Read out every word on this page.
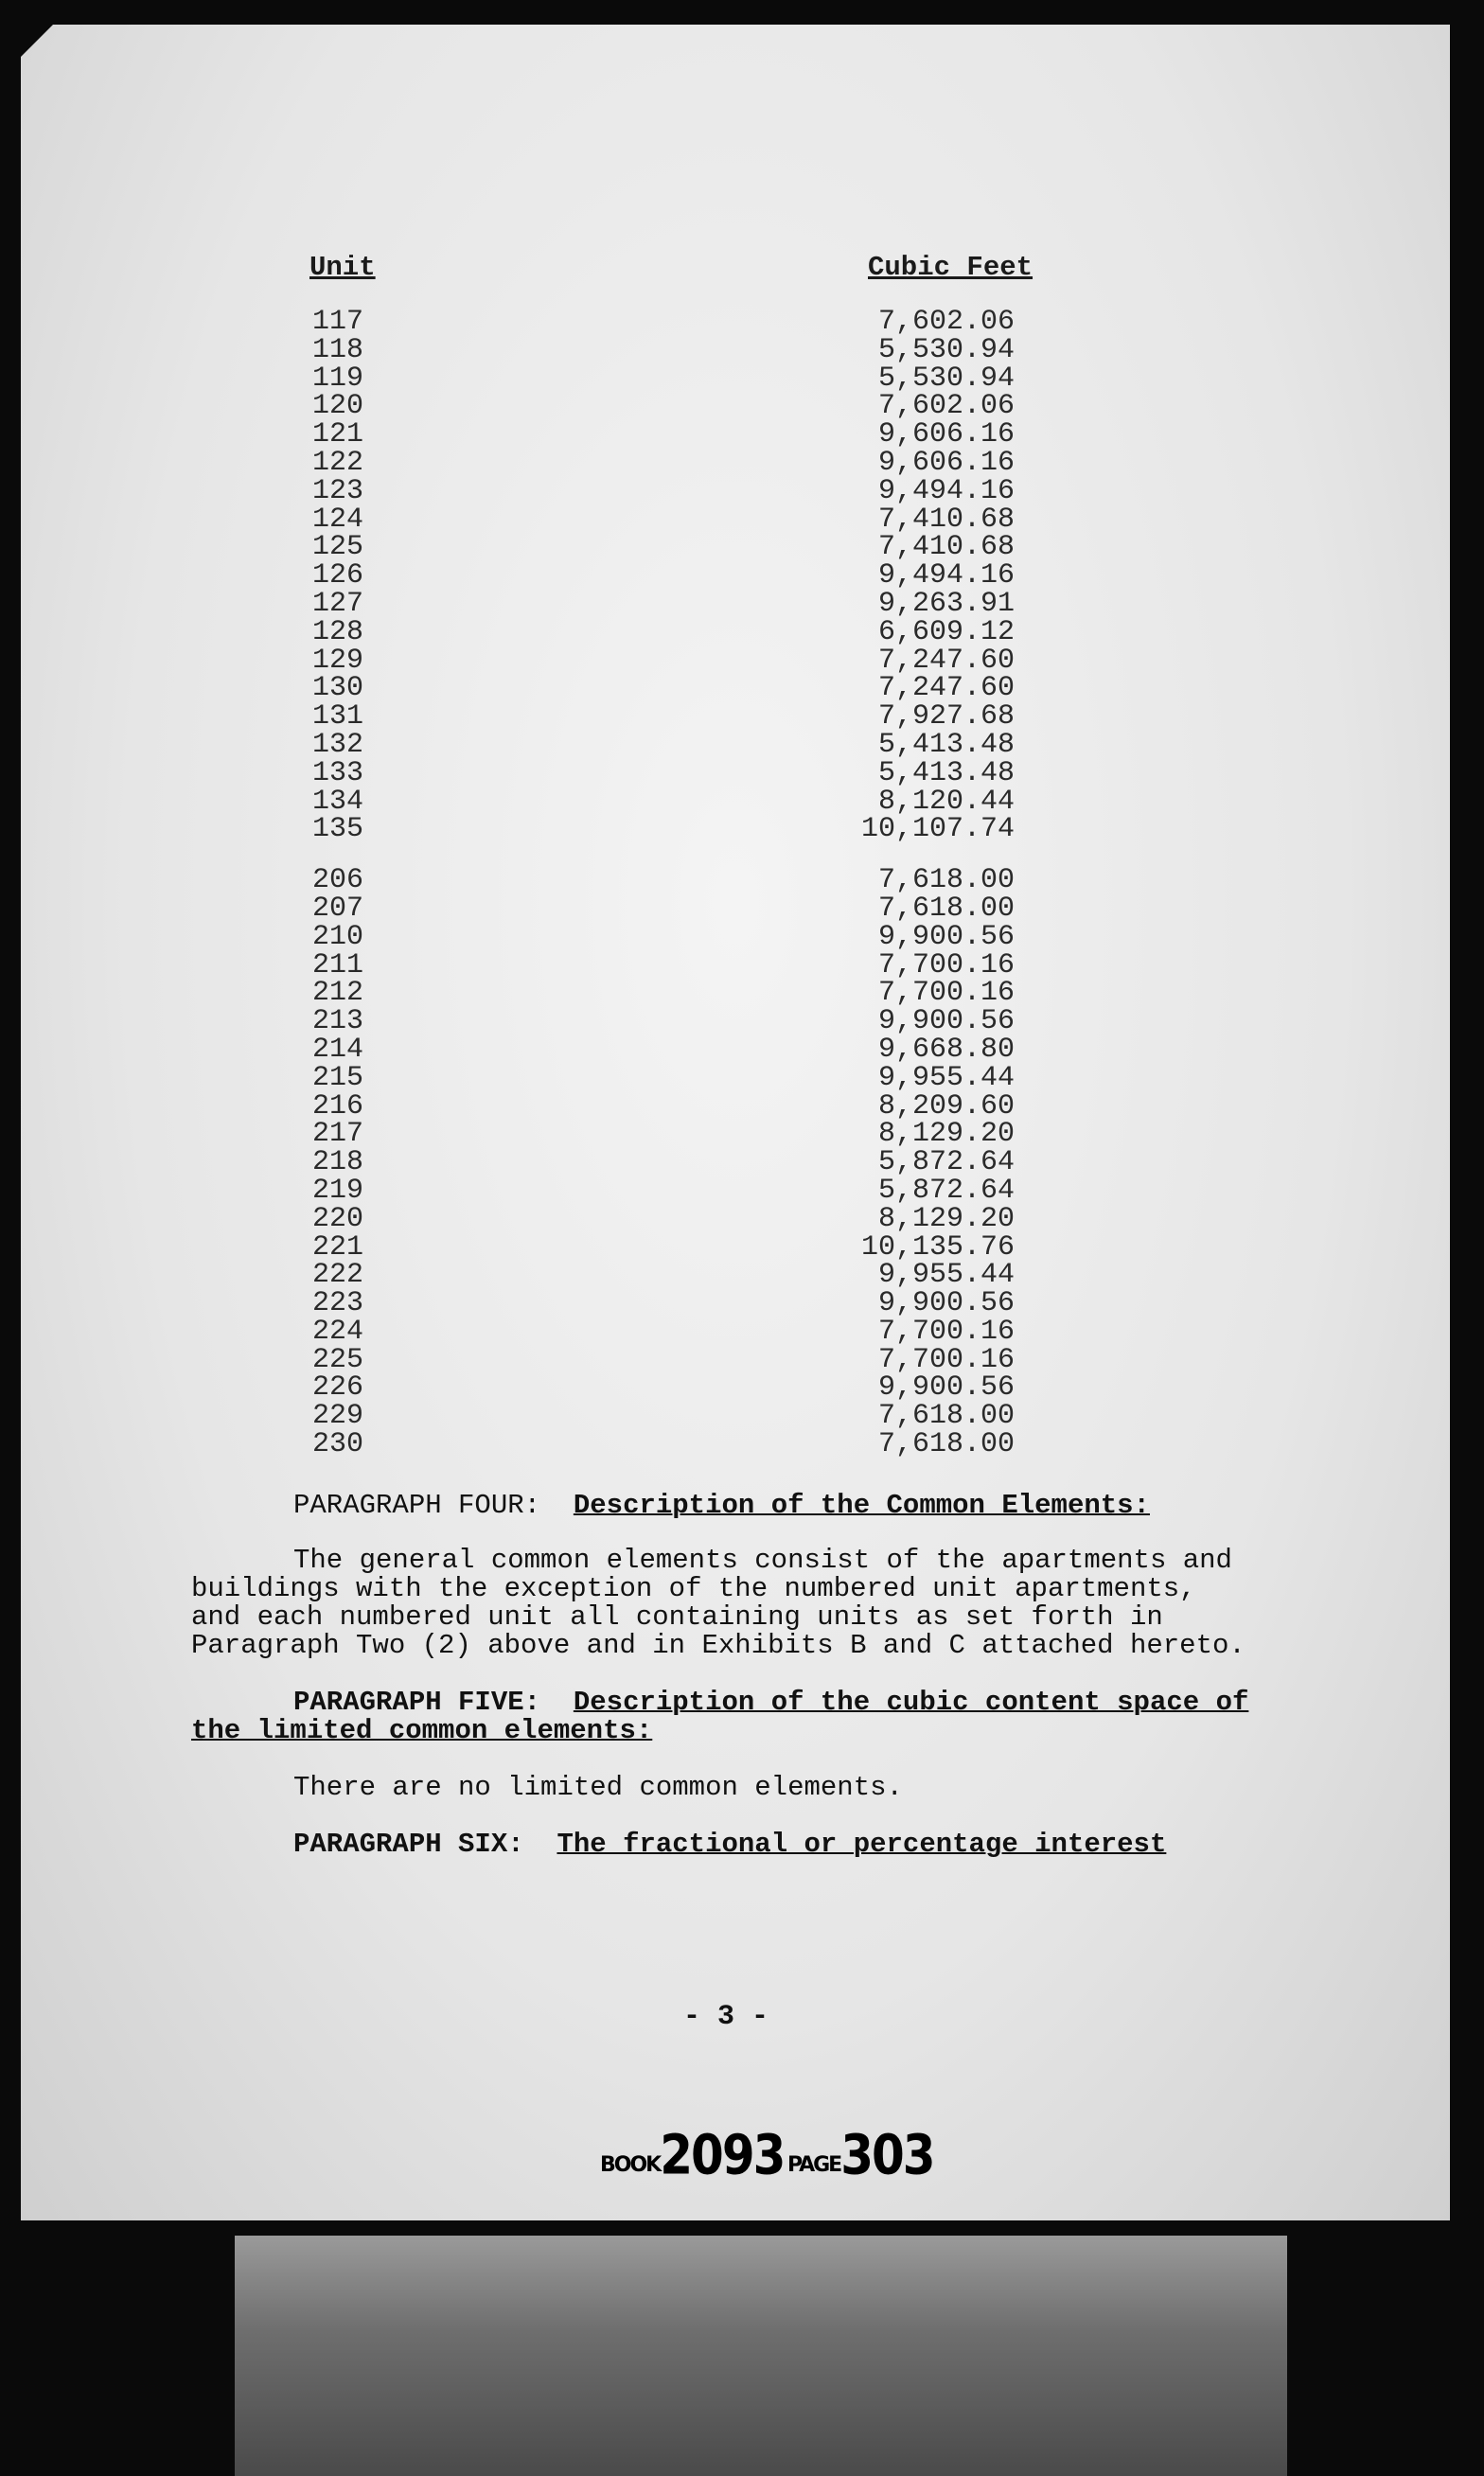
Unit	Cubic Feet
117
118
119
120
121
122
123
124
125
126
127
128
129
130
131
132
133
134
135
206
207
210
211
212
213
214
215
216
217
218
219
220
221
222
223
224
225
226
229
230
7,602.06
5,530.94
5,530.94
7,602.06
9,606.16
9,606.16
9,494.16
7,410.68
7,410.68
9,494.16
9,263.91
6,609.12
7,247.60
7,247.60
7,927.68
5,413.48
5,413.48
8,120.44
10,107.74
7,618.00
7,618.00
9,900.56
7,700.16
7,700.16
9,900.56
9,668.80
9,955.44
8,209.60
8,129.20
5,872.64
5,872.64
8,129.20
10,135.76
9,955.44
9,900.56
7,700.16
7,700.16
9,900.56
7,618.00
7,618.00
PARAGRAPH FOUR: Description of the Common Elements:
The general common elements consist of the apartments and
buildings with the exception of the numbered unit apartments,
and each numbered unit all containing units as set forth in
Paragraph Two (2) above and in Exhibits B and C attached hereto.
PARAGRAPH FIVE: Description of the cubic content space of
the limited common elements:
There are no limited common elements.
PARAGRAPH SIX: The fractional or percentage interest
- 3 -
BOOK2093 PAGE303
